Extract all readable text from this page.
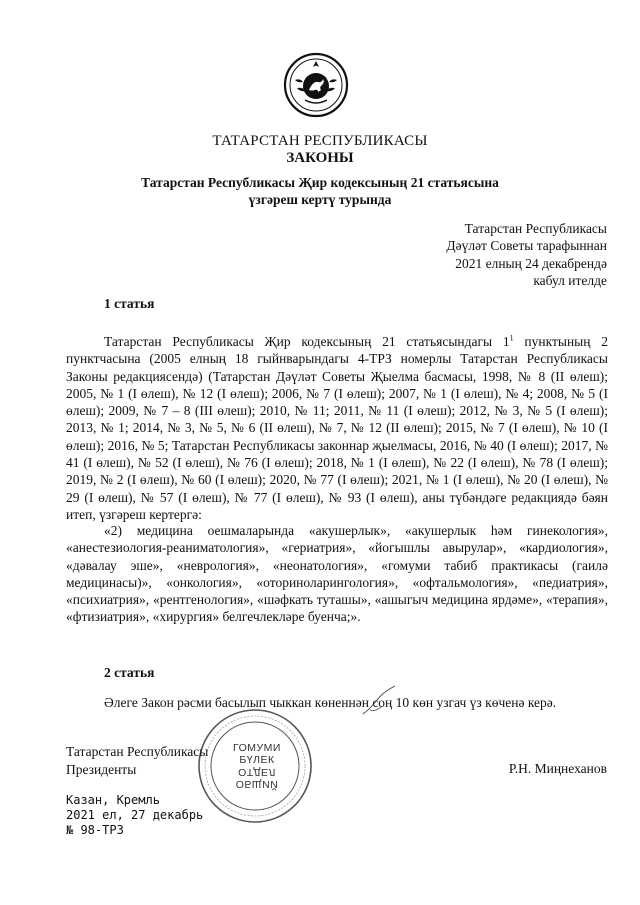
ТАТАРСТАН РЕСПУБЛИКАСЫ
ЗАКОНЫ
Татарстан Республикасы Җир кодексының 21 статьясына
үзгәреш кертү турында
Татарстан Республикасы
Дәүләт Советы тарафыннан
2021 елның 24 декабрендә
кабул ителде
1 статья
Татарстан Республикасы Җир кодексының 21 статьясындагы $1^1$ пунктының 2 пунктчасына (2005 елның 18 гыйнварындагы 4-ТРЗ номерлы Татарстан Республикасы Законы редакциясендә) (Татарстан Дәүләт Советы Җыелма басмасы, 1998, № 8 (II өлеш); 2005, № 1 (I өлеш), № 12 (I өлеш); 2006, № 7 (I өлеш); 2007, № 1 (I өлеш), № 4; 2008, № 5 (I өлеш); 2009, № 7 – 8 (III өлеш); 2010, № 11; 2011, № 11 (I өлеш); 2012, № 3, № 5 (I өлеш); 2013, № 1; 2014, № 3, № 5, № 6 (II өлеш), № 7, № 12 (II өлеш); 2015, № 7 (I өлеш), № 10 (I өлеш); 2016, № 5; Татарстан Республикасы законнар җыелмасы, 2016, № 40 (I өлеш); 2017, № 41 (I өлеш), № 52 (I өлеш), № 76 (I өлеш); 2018, № 1 (I өлеш), № 22 (I өлеш), № 78 (I өлеш); 2019, № 2 (I өлеш), № 60 (I өлеш); 2020, № 77 (I өлеш); 2021, № 1 (I өлеш), № 20 (I өлеш), № 29 (I өлеш), № 57 (I өлеш), № 77 (I өлеш), № 93 (I өлеш), аны түбәндәге редакциядә бәян итеп, үзгәреш кертергә:
«2) медицина оешмаларында «акушерлык», «акушерлык һәм гинекология», «анестезиология-реаниматология», «гериатрия», «йогышлы авырулар», «кардиология», «дәвалау эше», «неврология», «неонатология», «гомуми табиб практикасы (гаилә медицинасы)», «онкология», «оториноларингология», «офтальмология», «педиатрия», «психиатрия», «рентгенология», «шәфкать туташы», «ашыгыч медицина ярдәме», «терапия», «фтизиатрия», «хирургия» белгечлекләре буенча;».
2 статья
Әлеге Закон рәсми басылып чыккан көненнән соң 10 көн узгач үз көченә керә.
ГОМУМИ
БҮЛЕК
ОТДЕЛ
ОБЩИЙ
Татарстан Республикасы
Президенты	Р.Н. Миңнеханов
Казан, Кремль
2021 ел, 27 декабрь
№ 98-ТРЗ
